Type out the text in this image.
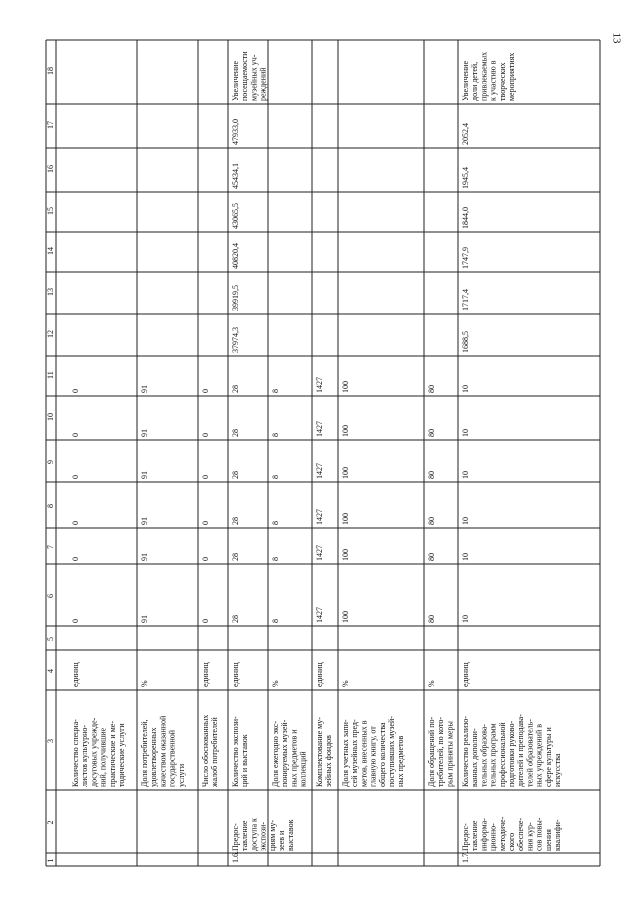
13
1
2
3
4
5
6
7
8
9
10
11
12
13
14
15
16
17
18
Количество специа- листов культурно- досуговых учрежде- ний, получившие практические и ме- тодические услуги
единиц
0
0
0
0
0
0
Доля потребителей, удовлетворенных качеством оказанной государственной услуги
%
91
91
91
91
91
91
Число обоснованных жалоб потребителей
единиц
0
0
0
0
0
0
1.6.
Предос- тавление доступа к экспози- циям му- зеев и выставок
Количество экспози- ций и выставок
единиц
28
28
28
28
28
28
37974,3
39919,5
40820,4
43065,5
45434,1
47933,0
Увеличение посещаемости музейных уч- реждений
Доля ежегодно экс- понируемых музей- ных предметов и коллекций
%
8
8
8
8
8
8
Комплектование му- зейных фондов
единиц
1427
1427
1427
1427
1427
1427
Доля учетных запи- сей музейных пред- метов, внесенных в главную книгу, от общего количества поступивших музей- ных предметов
%
100
100
100
100
100
100
Доля обращений по- требителей, по кото- рым приняты меры
%
80
80
80
80
80
80
1.7.
Предос- тавление информа- ционно- методиче- ского обеспече- ния кур- сов повы- шения квалифи-
Количество реализо- ванных дополни- тельных образова- тельных программ профессиональной подготовки руково- дителей и преподава- телей образователь- ных учреждений в сфере культуры и искусства
единиц
10
10
10
10
10
10
1688,5
1717,4
1747,9
1844,0
1945,4
2052,4
Увеличение доли детей, привлекаемых к участию в творческих мероприятиях
